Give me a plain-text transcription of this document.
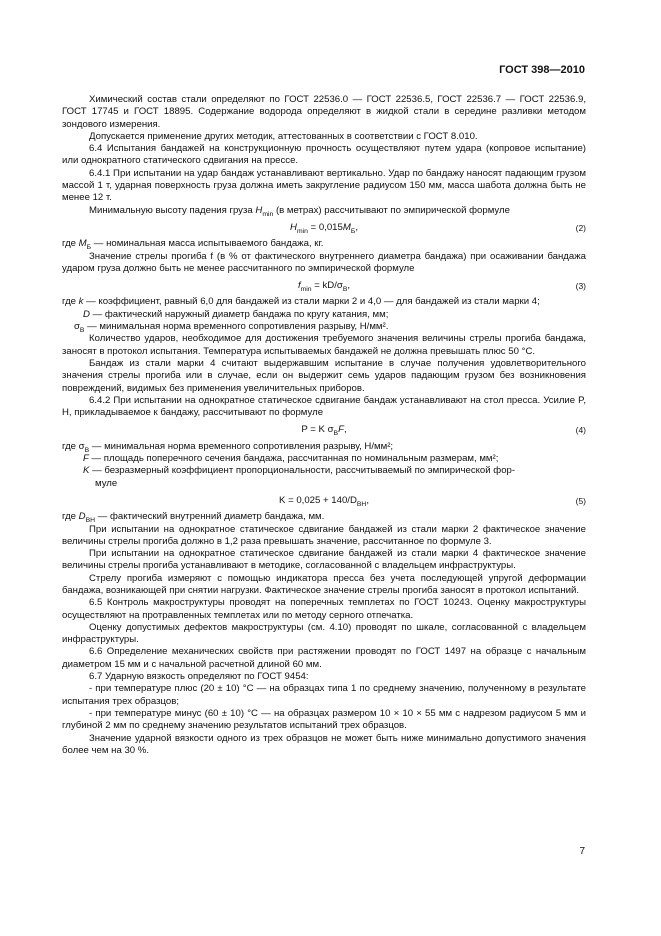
ГОСТ 398—2010

Химический состав стали определяют по ГОСТ 22536.0 — ГОСТ 22536.5, ГОСТ 22536.7 — ГОСТ 22536.9, ГОСТ 17745 и ГОСТ 18895. Содержание водорода определяют в жидкой стали в середине разливки методом зондового измерения.

Допускается применение других методик, аттестованных в соответствии с ГОСТ 8.010.

6.4 Испытания бандажей на конструкционную прочность осуществляют путем удара (копровое испытание) или однократного статического сдвигания на прессе.

6.4.1 При испытании на удар бандаж устанавливают вертикально. Удар по бандажу наносят падающим грузом массой 1 т, ударная поверхность груза должна иметь закругление радиусом 150 мм, масса шабота должна быть не менее 12 т.

Минимальную высоту падения груза $H_{min}$ (в метрах) рассчитывают по эмпирической формуле

$H_{min} = 0,015M_Б$,	(2)

где $M_Б$ — номинальная масса испытываемого бандажа, кг.

Значение стрелы прогиба f (в % от фактического внутреннего диаметра бандажа) при осаживании бандажа ударом груза должно быть не менее рассчитанного по эмпирической формуле

$f_{min} = kD/\sigma_В$,	(3)

где k — коэффициент, равный 6,0 для бандажей из стали марки 2 и 4,0 — для бандажей из стали марки 4;

D — фактический наружный диаметр бандажа по кругу катания, мм;

$\sigma_В$ — минимальная норма временного сопротивления разрыву, Н/мм².

Количество ударов, необходимое для достижения требуемого значения величины стрелы прогиба бандажа, заносят в протокол испытания. Температура испытываемых бандажей не должна превышать плюс 50 °С.

Бандаж из стали марки 4 считают выдержавшим испытание в случае получения удовлетворительного значения стрелы прогиба или в случае, если он выдержит семь ударов падающим грузом без возникновения повреждений, видимых без применения увеличительных приборов.

6.4.2 При испытании на однократное статическое сдвигание бандаж устанавливают на стол пресса. Усилие P, Н, прикладываемое к бандажу, рассчитывают по формуле

P = K $\sigma_ВF$,	(4)

где $\sigma_В$ — минимальная норма временного сопротивления разрыву, Н/мм²;

F — площадь поперечного сечения бандажа, рассчитанная по номинальным размерам, мм²;

K — безразмерный коэффициент пропорциональности, рассчитываемый по эмпирической фор-

муле

$K = 0,025 + 140/D_{ВН}$,	(5)

где $D_{ВН}$ — фактический внутренний диаметр бандажа, мм.

При испытании на однократное статическое сдвигание бандажей из стали марки 2 фактическое значение величины стрелы прогиба должно в 1,2 раза превышать значение, рассчитанное по формуле 3.

При испытании на однократное статическое сдвигание бандажей из стали марки 4 фактическое значение величины стрелы прогиба устанавливают в методике, согласованной с владельцем инфраструктуры.

Стрелу прогиба измеряют с помощью индикатора пресса без учета последующей упругой деформации бандажа, возникающей при снятии нагрузки. Фактическое значение стрелы прогиба заносят в протокол испытаний.

6.5 Контроль макроструктуры проводят на поперечных темплетах по ГОСТ 10243. Оценку макроструктуры осуществляют на протравленных темплетах или по методу серного отпечатка.

Оценку допустимых дефектов макроструктуры (см. 4.10) проводят по шкале, согласованной с владельцем инфраструктуры.

6.6 Определение механических свойств при растяжении проводят по ГОСТ 1497 на образце с начальным диаметром 15 мм и с начальной расчетной длиной 60 мм.

6.7 Ударную вязкость определяют по ГОСТ 9454:

- при температуре плюс (20 ± 10) °С — на образцах типа 1 по среднему значению, полученному в результате испытания трех образцов;

- при температуре минус (60 ± 10) °С — на образцах размером 10 × 10 × 55 мм с надрезом радиусом 5 мм и глубиной 2 мм по среднему значению результатов испытаний трех образцов.

Значение ударной вязкости одного из трех образцов не может быть ниже минимально допустимого значения более чем на 30 %.

7
